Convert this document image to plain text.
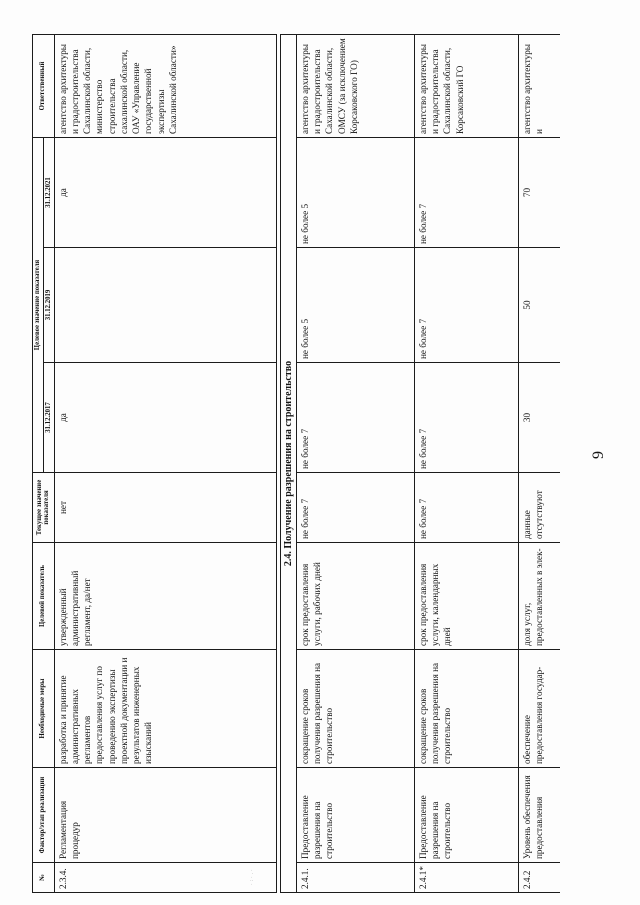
·:·.·
№	Фактор/этап реализации	Необходимые меры	Целевой показатель	Текущее значение показателя	Целевое значение показателя			Ответственный
					31.12.2017	31.12.2019	31.12.2021	
2.3.4.	Регламентация процедур	разработка и принятие административных регламентов предоставления услуг по проведению экспертизы проектной документации и результатов инженерных изысканий	утвержденный административный регламент, да/нет	нет	да		да	агентство архитектуры и градостроительства Сахалинской области, министерство строительства сахалинской области, ОАУ «Управление государственной экспертизы Сахалинской области»

2.4. Получение разрешения на строительство								
2.4.1.	Предоставление разрешения на строительство	сокращение сроков получения разрешения на строительство	срок предоставления услуги, рабочих дней	не более 7	не более 7	не более 5	не более 5	агентство архитектуры и градостроительства Сахалинской области, ОМСУ (за исключением Корсаковского ГО)
2.4.1*	Предоставление разрешения на строительство	сокращение сроков получения разрешения на строительство	срок предоставления услуги, календарных дней	не более 7	не более 7	не более 7	не более 7	агентство архитектуры и градостроительства Сахалинской области, Корсаковский ГО
2.4.2	Уровень обеспечения предоставления	обеспечение предоставления государ-	доля услуг, предоставленных в элек-	данные отсутствуют	30	50	70	агентство архитектуры и
9
